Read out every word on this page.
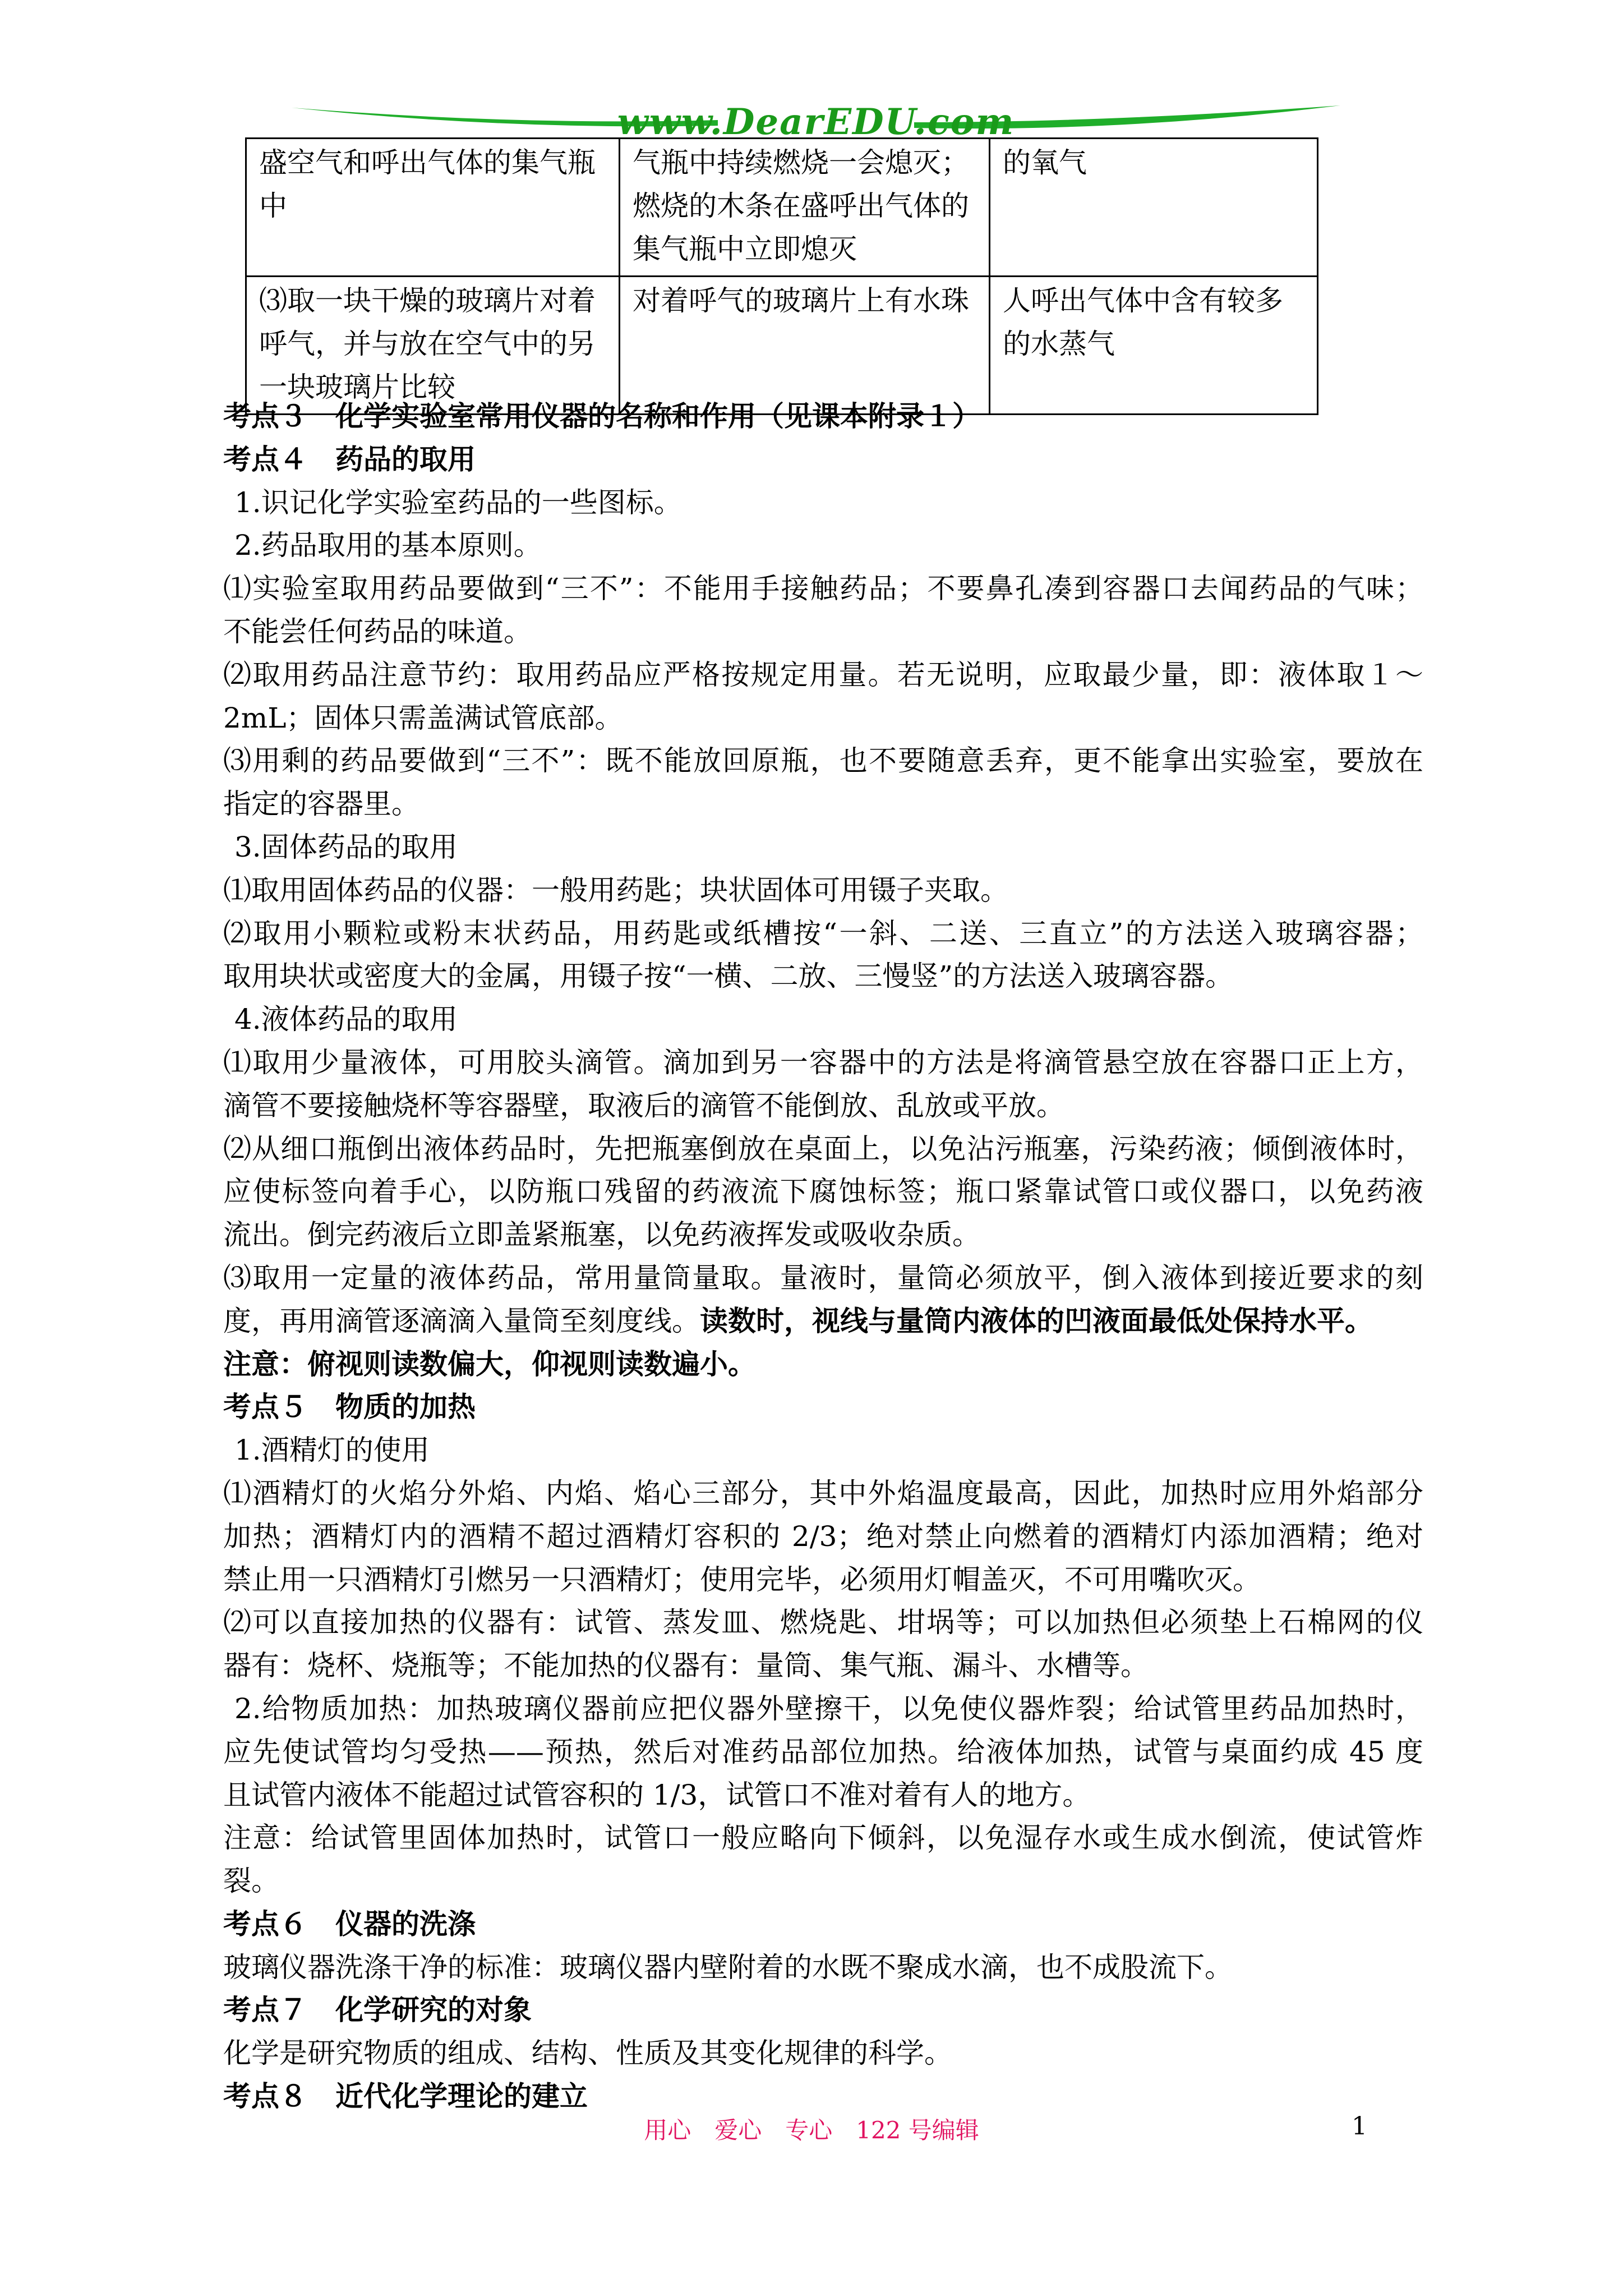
www.DearEDU.com
盛空气和呼出气体的集气瓶中	气瓶中持续燃烧一会熄灭；燃烧的木条在盛呼出气体的集气瓶中立即熄灭	的氧气
⑶取一块干燥的玻璃片对着呼气，并与放在空气中的另一块玻璃片比较	对着呼气的玻璃片上有水珠	人呼出气体中含有较多的水蒸气
考点３　化学实验室常用仪器的名称和作用（见课本附录１）
考点４　药品的取用
1.识记化学实验室药品的一些图标。
2.药品取用的基本原则。
⑴实验室取用药品要做到“三不”：不能用手接触药品；不要鼻孔凑到容器口去闻药品的气味；
不能尝任何药品的味道。
⑵取用药品注意节约：取用药品应严格按规定用量。若无说明，应取最少量，即：液体取１～
2mL；固体只需盖满试管底部。
⑶用剩的药品要做到“三不”：既不能放回原瓶，也不要随意丢弃，更不能拿出实验室，要放在
指定的容器里。
3.固体药品的取用
⑴取用固体药品的仪器：一般用药匙；块状固体可用镊子夹取。
⑵取用小颗粒或粉末状药品，用药匙或纸槽按“一斜、二送、三直立”的方法送入玻璃容器；
取用块状或密度大的金属，用镊子按“一横、二放、三慢竖”的方法送入玻璃容器。
4.液体药品的取用
⑴取用少量液体，可用胶头滴管。滴加到另一容器中的方法是将滴管悬空放在容器口正上方，
滴管不要接触烧杯等容器壁，取液后的滴管不能倒放、乱放或平放。
⑵从细口瓶倒出液体药品时，先把瓶塞倒放在桌面上，以免沾污瓶塞，污染药液；倾倒液体时，
应使标签向着手心，以防瓶口残留的药液流下腐蚀标签；瓶口紧靠试管口或仪器口，以免药液
流出。倒完药液后立即盖紧瓶塞，以免药液挥发或吸收杂质。
⑶取用一定量的液体药品，常用量筒量取。量液时，量筒必须放平，倒入液体到接近要求的刻
度，再用滴管逐滴滴入量筒至刻度线。读数时，视线与量筒内液体的凹液面最低处保持水平。
注意：俯视则读数偏大，仰视则读数遍小。
考点５　物质的加热
1.酒精灯的使用
⑴酒精灯的火焰分外焰、内焰、焰心三部分，其中外焰温度最高，因此，加热时应用外焰部分
加热；酒精灯内的酒精不超过酒精灯容积的 2/3；绝对禁止向燃着的酒精灯内添加酒精；绝对
禁止用一只酒精灯引燃另一只酒精灯；使用完毕，必须用灯帽盖灭，不可用嘴吹灭。
⑵可以直接加热的仪器有：试管、蒸发皿、燃烧匙、坩埚等；可以加热但必须垫上石棉网的仪
器有：烧杯、烧瓶等；不能加热的仪器有：量筒、集气瓶、漏斗、水槽等。
2.给物质加热：加热玻璃仪器前应把仪器外壁擦干，以免使仪器炸裂；给试管里药品加热时，
应先使试管均匀受热——预热，然后对准药品部位加热。给液体加热，试管与桌面约成 45 度
且试管内液体不能超过试管容积的 1/3，试管口不准对着有人的地方。
注意：给试管里固体加热时，试管口一般应略向下倾斜，以免湿存水或生成水倒流，使试管炸
裂。
考点６　仪器的洗涤
玻璃仪器洗涤干净的标准：玻璃仪器内壁附着的水既不聚成水滴，也不成股流下。
考点７　化学研究的对象
化学是研究物质的组成、结构、性质及其变化规律的科学。
考点８　近代化学理论的建立
用心　爱心　专心　122 号编辑	1
